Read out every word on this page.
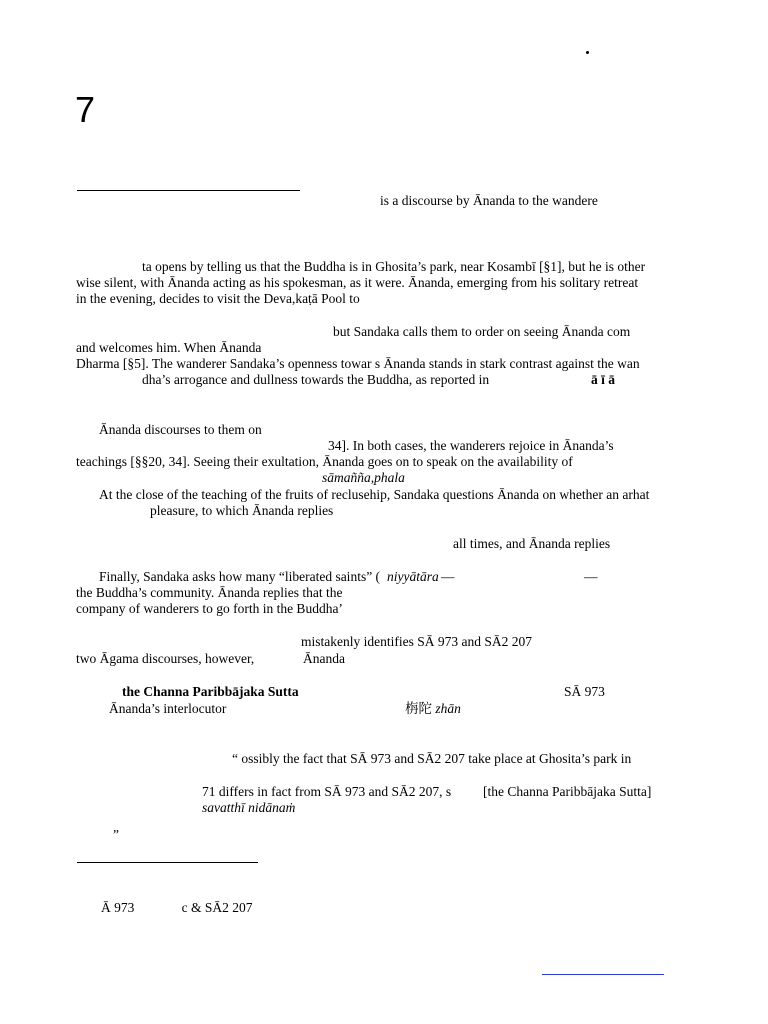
7
is a discourse by Ānanda to the wandere
ta opens by telling us that the Buddha is in Ghosita’s park, near Kosambī [§1], but he is other
wise silent, with Ānanda acting as his spokesman, as it were. Ānanda, emerging from his solitary retreat
in the evening, decides to visit the Deva,kaṭā Pool to
but Sandaka calls them to order on seeing Ānanda com
and welcomes him. When Ānanda
Dharma [§5]. The wanderer Sandaka’s openness towar s Ānanda stands in stark contrast against the wan
dha’s arrogance and dullness towards the Buddha, as reported in	ā ī ā
Ānanda discourses to them on
34]. In both cases, the wanderers rejoice in Ānanda’s
teachings [§§20, 34]. Seeing their exultation, Ānanda goes on to speak on the availability of
sāmañña,phala
At the close of the teaching of the fruits of reclusehip, Sandaka questions Ānanda on whether an arhat
pleasure, to which Ānanda replies
all times, and Ānanda replies
Finally, Sandaka asks how many “liberated saints” ( niyyātāra —	—
the Buddha’s community. Ānanda replies that the
company of wanderers to go forth in the Buddha’
mistakenly identifies SĀ 973 and SĀ2 207
two Āgama discourses, however,	Ānanda
the Channa Paribbājaka Sutta	SĀ 973
Ānanda’s interlocutor	栴陀 zhān
“ ossibly the fact that SĀ 973 and SĀ2 207 take place at Ghosita’s park in
71 differs in fact from SĀ 973 and SĀ2 207, s [the Channa Paribbājaka Sutta]
savatthī nidānaṁ
”
Ā 973              c & SĀ2 207
